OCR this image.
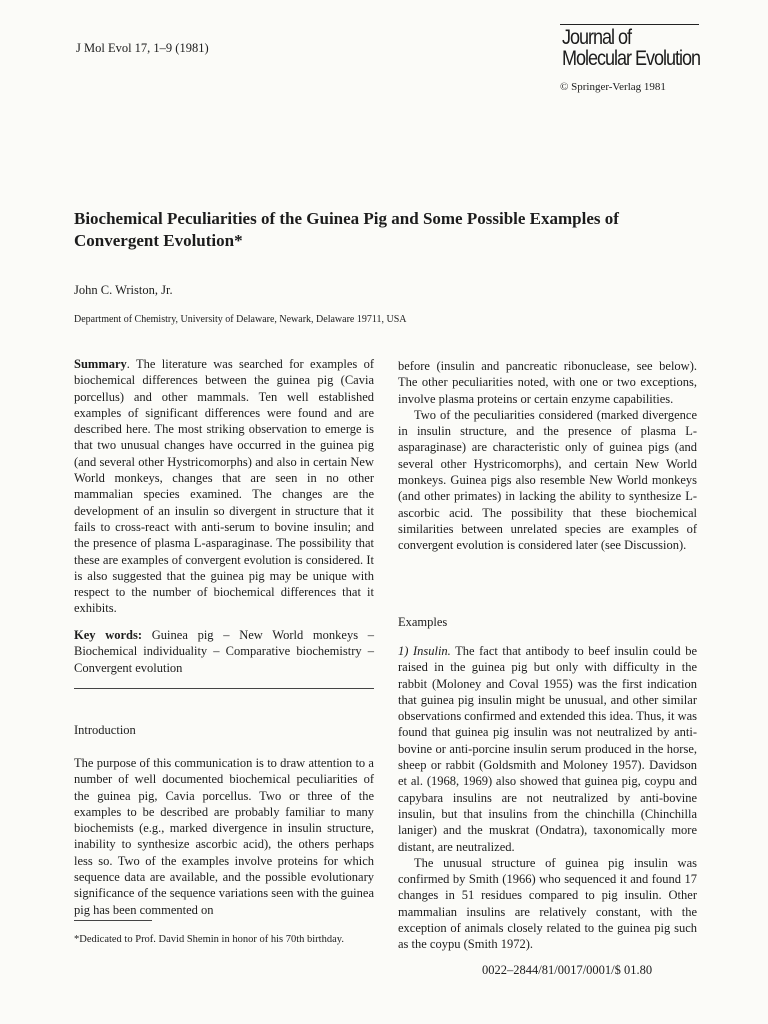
J Mol Evol 17, 1–9 (1981)	Journal of
Molecular Evolution
© Springer-Verlag 1981
Biochemical Peculiarities of the Guinea Pig and Some Possible Examples of Convergent Evolution*
John C. Wriston, Jr.
Department of Chemistry, University of Delaware, Newark, Delaware 19711, USA

Summary. The literature was searched for examples of biochemical differences between the guinea pig (Cavia porcellus) and other mammals. Ten well established examples of significant differences were found and are described here. The most striking observation to emerge is that two unusual changes have occurred in the guinea pig (and several other Hystricomorphs) and also in certain New World monkeys, changes that are seen in no other mammalian species examined. The changes are the development of an insulin so divergent in structure that it fails to cross-react with anti-serum to bovine insulin; and the presence of plasma L-asparaginase. The possibility that these are examples of convergent evolution is considered. It is also suggested that the guinea pig may be unique with respect to the number of biochemical differences that it exhibits.

Key words: Guinea pig – New World monkeys – Biochemical individuality – Comparative biochemistry – Convergent evolution

Introduction

The purpose of this communication is to draw attention to a number of well documented biochemical peculiarities of the guinea pig, Cavia porcellus. Two or three of the examples to be described are probably familiar to many biochemists (e.g., marked divergence in insulin structure, inability to synthesize ascorbic acid), the others perhaps less so. Two of the examples involve proteins for which sequence data are available, and the possible evolutionary significance of the sequence variations seen with the guinea pig has been commented on

*Dedicated to Prof. David Shemin in honor of his 70th birthday.

before (insulin and pancreatic ribonuclease, see below). The other peculiarities noted, with one or two exceptions, involve plasma proteins or certain enzyme capabilities.

Two of the peculiarities considered (marked divergence in insulin structure, and the presence of plasma L-asparaginase) are characteristic only of guinea pigs (and several other Hystricomorphs), and certain New World monkeys. Guinea pigs also resemble New World monkeys (and other primates) in lacking the ability to synthesize L-ascorbic acid. The possibility that these biochemical similarities between unrelated species are examples of convergent evolution is considered later (see Discussion).

Examples

1) Insulin. The fact that antibody to beef insulin could be raised in the guinea pig but only with difficulty in the rabbit (Moloney and Coval 1955) was the first indication that guinea pig insulin might be unusual, and other similar observations confirmed and extended this idea. Thus, it was found that guinea pig insulin was not neutralized by anti-bovine or anti-porcine insulin serum produced in the horse, sheep or rabbit (Goldsmith and Moloney 1957). Davidson et al. (1968, 1969) also showed that guinea pig, coypu and capybara insulins are not neutralized by anti-bovine insulin, but that insulins from the chinchilla (Chinchilla laniger) and the muskrat (Ondatra), taxonomically more distant, are neutralized.

The unusual structure of guinea pig insulin was confirmed by Smith (1966) who sequenced it and found 17 changes in 51 residues compared to pig insulin. Other mammalian insulins are relatively constant, with the exception of animals closely related to the guinea pig such as the coypu (Smith 1972).

0022–2844/81/0017/0001/$ 01.80
